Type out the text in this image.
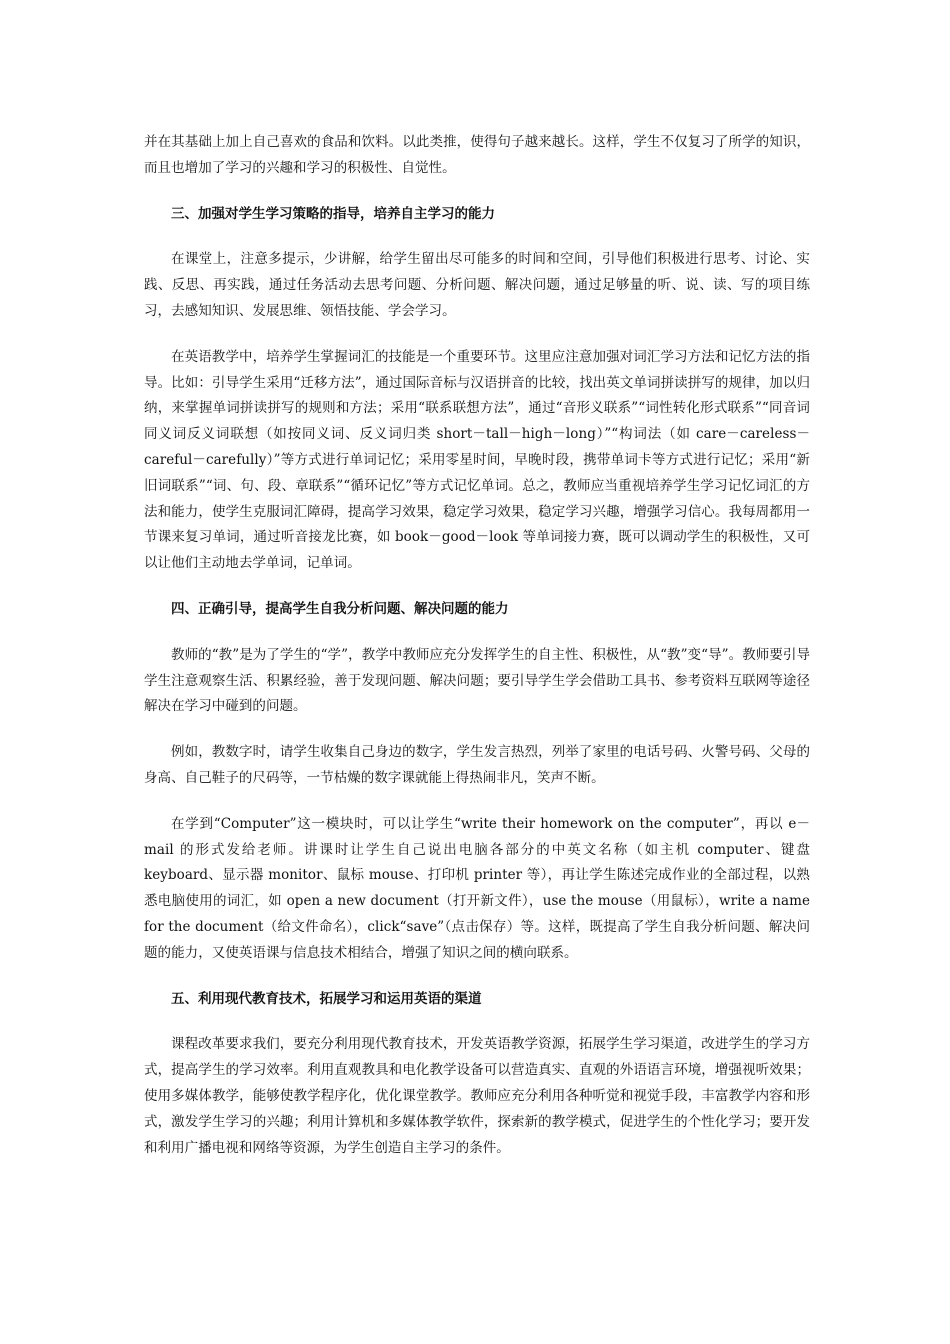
并在其基础上加上自己喜欢的食品和饮料。以此类推，使得句子越来越长。这样，学生不仅复习了所学的知识，而且也增加了学习的兴趣和学习的积极性、自觉性。

三、加强对学生学习策略的指导，培养自主学习的能力

在课堂上，注意多提示，少讲解，给学生留出尽可能多的时间和空间，引导他们积极进行思考、讨论、实践、反思、再实践，通过任务活动去思考问题、分析问题、解决问题，通过足够量的听、说、读、写的项目练习，去感知知识、发展思维、领悟技能、学会学习。

在英语教学中，培养学生掌握词汇的技能是一个重要环节。这里应注意加强对词汇学习方法和记忆方法的指导。比如：引导学生采用“迁移方法”，通过国际音标与汉语拼音的比较，找出英文单词拼读拼写的规律，加以归纳，来掌握单词拼读拼写的规则和方法；采用“联系联想方法”，通过“音形义联系”“词性转化形式联系”“同音词同义词反义词联想（如按同义词、反义词归类 short－tall－high－long）”“构词法（如 care－careless－careful－carefully）”等方式进行单词记忆；采用零星时间，早晚时段，携带单词卡等方式进行记忆；采用“新旧词联系”“词、句、段、章联系”“循环记忆”等方式记忆单词。总之，教师应当重视培养学生学习记忆词汇的方法和能力，使学生克服词汇障碍，提高学习效果，稳定学习效果，稳定学习兴趣，增强学习信心。我每周都用一节课来复习单词，通过听音接龙比赛，如 book－good－look 等单词接力赛，既可以调动学生的积极性，又可以让他们主动地去学单词，记单词。

四、正确引导，提高学生自我分析问题、解决问题的能力

教师的“教”是为了学生的“学”，教学中教师应充分发挥学生的自主性、积极性，从“教”变“导”。教师要引导学生注意观察生活、积累经验，善于发现问题、解决问题；要引导学生学会借助工具书、参考资料互联网等途径解决在学习中碰到的问题。

例如，教数字时，请学生收集自己身边的数字，学生发言热烈，列举了家里的电话号码、火警号码、父母的身高、自己鞋子的尺码等，一节枯燥的数字课就能上得热闹非凡，笑声不断。

在学到“Computer”这一模块时，可以让学生“write their homework on the computer”，再以 e－mail 的形式发给老师。讲课时让学生自己说出电脑各部分的中英文名称（如主机 computer、键盘 keyboard、显示器 monitor、鼠标 mouse、打印机 printer 等），再让学生陈述完成作业的全部过程，以熟悉电脑使用的词汇，如 open a new document（打开新文件），use the mouse（用鼠标），write a name for the document（给文件命名），click“save”（点击保存）等。这样，既提高了学生自我分析问题、解决问题的能力，又使英语课与信息技术相结合，增强了知识之间的横向联系。

五、利用现代教育技术，拓展学习和运用英语的渠道

课程改革要求我们，要充分利用现代教育技术，开发英语教学资源，拓展学生学习渠道，改进学生的学习方式，提高学生的学习效率。利用直观教具和电化教学设备可以营造真实、直观的外语语言环境，增强视听效果；使用多媒体教学，能够使教学程序化，优化课堂教学。教师应充分利用各种听觉和视觉手段，丰富教学内容和形式，激发学生学习的兴趣；利用计算机和多媒体教学软件，探索新的教学模式，促进学生的个性化学习；要开发和利用广播电视和网络等资源，为学生创造自主学习的条件。
